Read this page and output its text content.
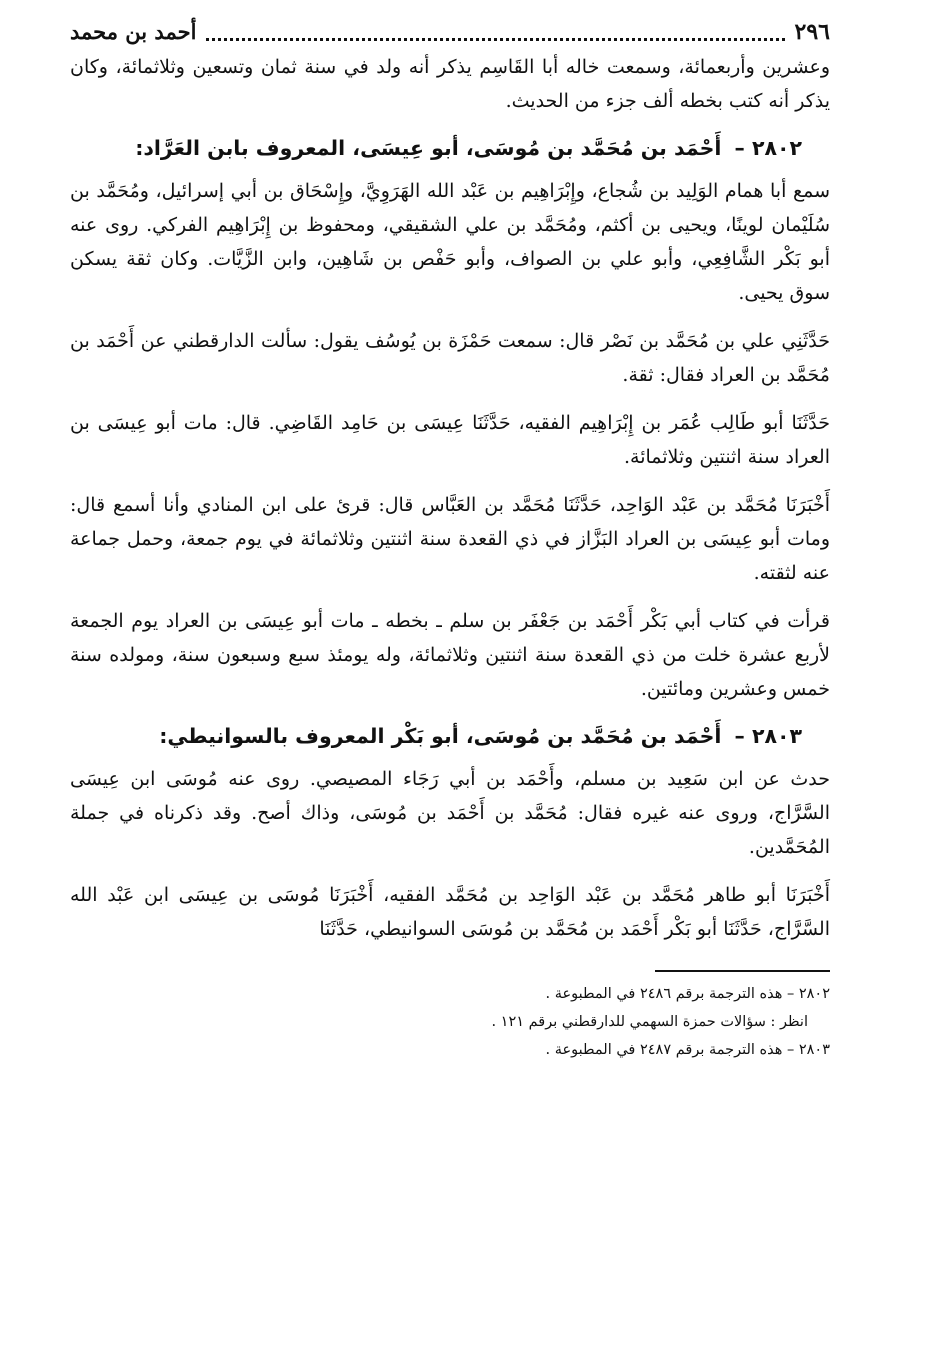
٢٩٦
أحمد بن محمد

وعشرين وأربعمائة، وسمعت خاله أبا القَاسِم يذكر أنه ولد في سنة ثمان وتسعين وثلاثمائة، وكان يذكر أنه كتب بخطه ألف جزء من الحديث.

٢٨٠٢ – أَحْمَد بن مُحَمَّد بن مُوسَى، أبو عِيسَى، المعروف بابن العَرَّاد:

سمع أبا همام الوَلِيد بن شُجاع، وإِبْرَاهِيم بن عَبْد الله الهَرَوِيَّ، وإِسْحَاق بن أبي إسرائيل، ومُحَمَّد بن سُلَيْمان لوينًا، ويحيى بن أكثم، ومُحَمَّد بن علي الشقيقي، ومحفوظ بن إِبْرَاهِيم الفركي. روى عنه أبو بَكْر الشَّافِعِي، وأبو علي بن الصواف، وأبو حَفْص بن شَاهِين، وابن الزَّيَّات. وكان ثقة يسكن سوق يحيى.

حَدَّثَنِي علي بن مُحَمَّد بن نَصْر قال: سمعت حَمْزَة بن يُوسُف يقول: سألت الدارقطني عن أَحْمَد بن مُحَمَّد بن العراد فقال: ثقة.

حَدَّثَنَا أبو طَالِب عُمَر بن إِبْرَاهِيم الفقيه، حَدَّثَنَا عِيسَى بن حَامِد القَاضِي. قال: مات أبو عِيسَى بن العراد سنة اثنتين وثلاثمائة.

أَخْبَرَنَا مُحَمَّد بن عَبْد الوَاحِد، حَدَّثَنَا مُحَمَّد بن العَبَّاس قال: قرئ على ابن المنادي وأنا أسمع قال: ومات أبو عِيسَى بن العراد البَزَّاز في ذي القعدة سنة اثنتين وثلاثمائة في يوم جمعة، وحمل جماعة عنه لثقته.

قرأت في كتاب أبي بَكْر أَحْمَد بن جَعْفَر بن سلم ـ بخطه ـ مات أبو عِيسَى بن العراد يوم الجمعة لأربع عشرة خلت من ذي القعدة سنة اثنتين وثلاثمائة، وله يومئذ سبع وسبعون سنة، ومولده سنة خمس وعشرين ومائتين.

٢٨٠٣ – أَحْمَد بن مُحَمَّد بن مُوسَى، أبو بَكْر المعروف بالسوانيطي:

حدث عن ابن سَعِيد بن مسلم، وأَحْمَد بن أبي رَجَاء المصيصي. روى عنه مُوسَى ابن عِيسَى السَّرَّاج، وروى عنه غيره فقال: مُحَمَّد بن أَحْمَد بن مُوسَى، وذاك أصح. وقد ذكرناه في جملة المُحَمَّدين.

أَخْبَرَنَا أبو طاهر مُحَمَّد بن عَبْد الوَاحِد بن مُحَمَّد الفقيه، أَخْبَرَنَا مُوسَى بن عِيسَى ابن عَبْد الله السَّرَّاج، حَدَّثَنَا أبو بَكْر أَحْمَد بن مُحَمَّد بن مُوسَى السوانيطي، حَدَّثَنَا

٢٨٠٢ – هذه الترجمة برقم ٢٤٨٦ في المطبوعة .

انظر : سؤالات حمزة السهمي للدارقطني برقم ١٢١ .

٢٨٠٣ – هذه الترجمة برقم ٢٤٨٧ في المطبوعة .
